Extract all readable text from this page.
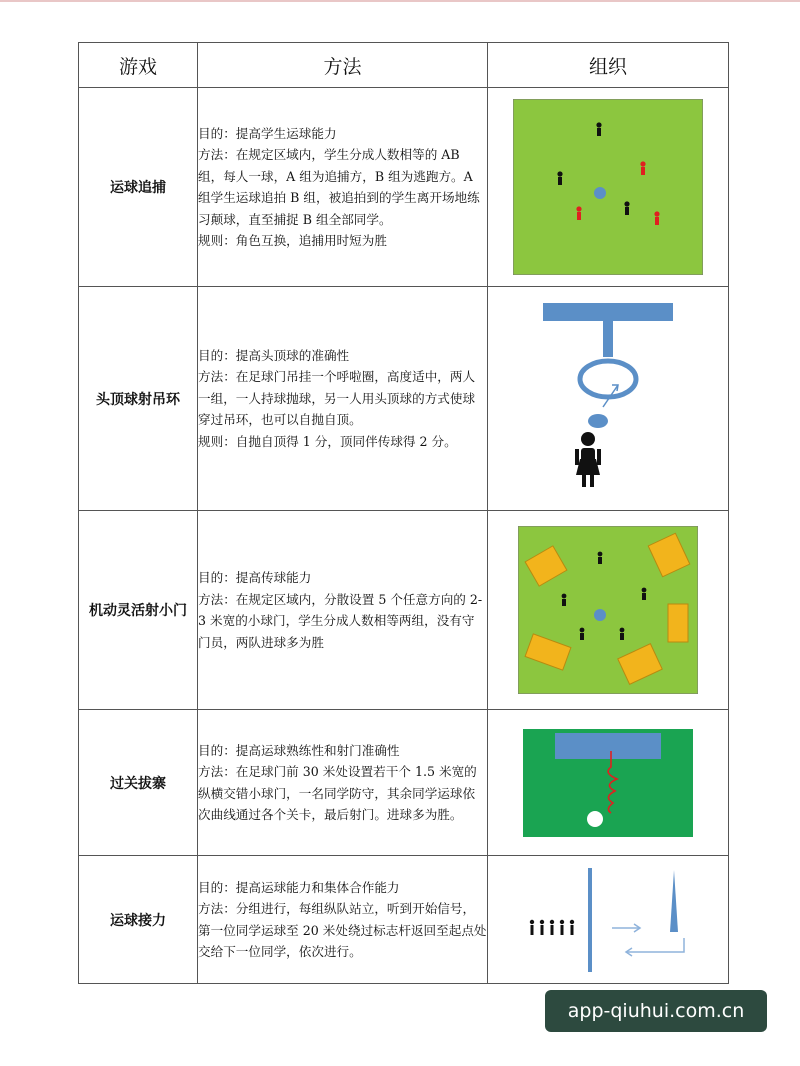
游戏	方法	组织
运球追捕	目的：提高学生运球能力
方法：在规定区域内，学生分成人数相等的 AB 组，每人一球，A 组为追捕方，B 组为逃跑方。A 组学生运球追拍 B 组，被追拍到的学生离开场地练习颠球，直至捕捉 B 组全部同学。
规则：角色互换，追捕用时短为胜

头顶球射吊环	目的：提高头顶球的准确性
方法：在足球门吊挂一个呼啦圈，高度适中，两人一组，一人持球抛球，另一人用头顶球的方式使球穿过吊环，也可以自抛自顶。
规则：自抛自顶得 1 分，顶同伴传球得 2 分。

机动灵活射小门	目的：提高传球能力
方法：在规定区域内，分散设置 5 个任意方向的 2-3 米宽的小球门，学生分成人数相等两组，没有守门员，两队进球多为胜

过关拔寨	目的：提高运球熟练性和射门准确性
方法：在足球门前 30 米处设置若干个 1.5 米宽的纵横交错小球门，一名同学防守，其余同学运球依次曲线通过各个关卡，最后射门。进球多为胜。

运球接力	目的：提高运球能力和集体合作能力
方法：分组进行，每组纵队站立，听到开始信号，第一位同学运球至 20 米处绕过标志杆返回至起点处交给下一位同学，依次进行。

app-qiuhui.com.cn
